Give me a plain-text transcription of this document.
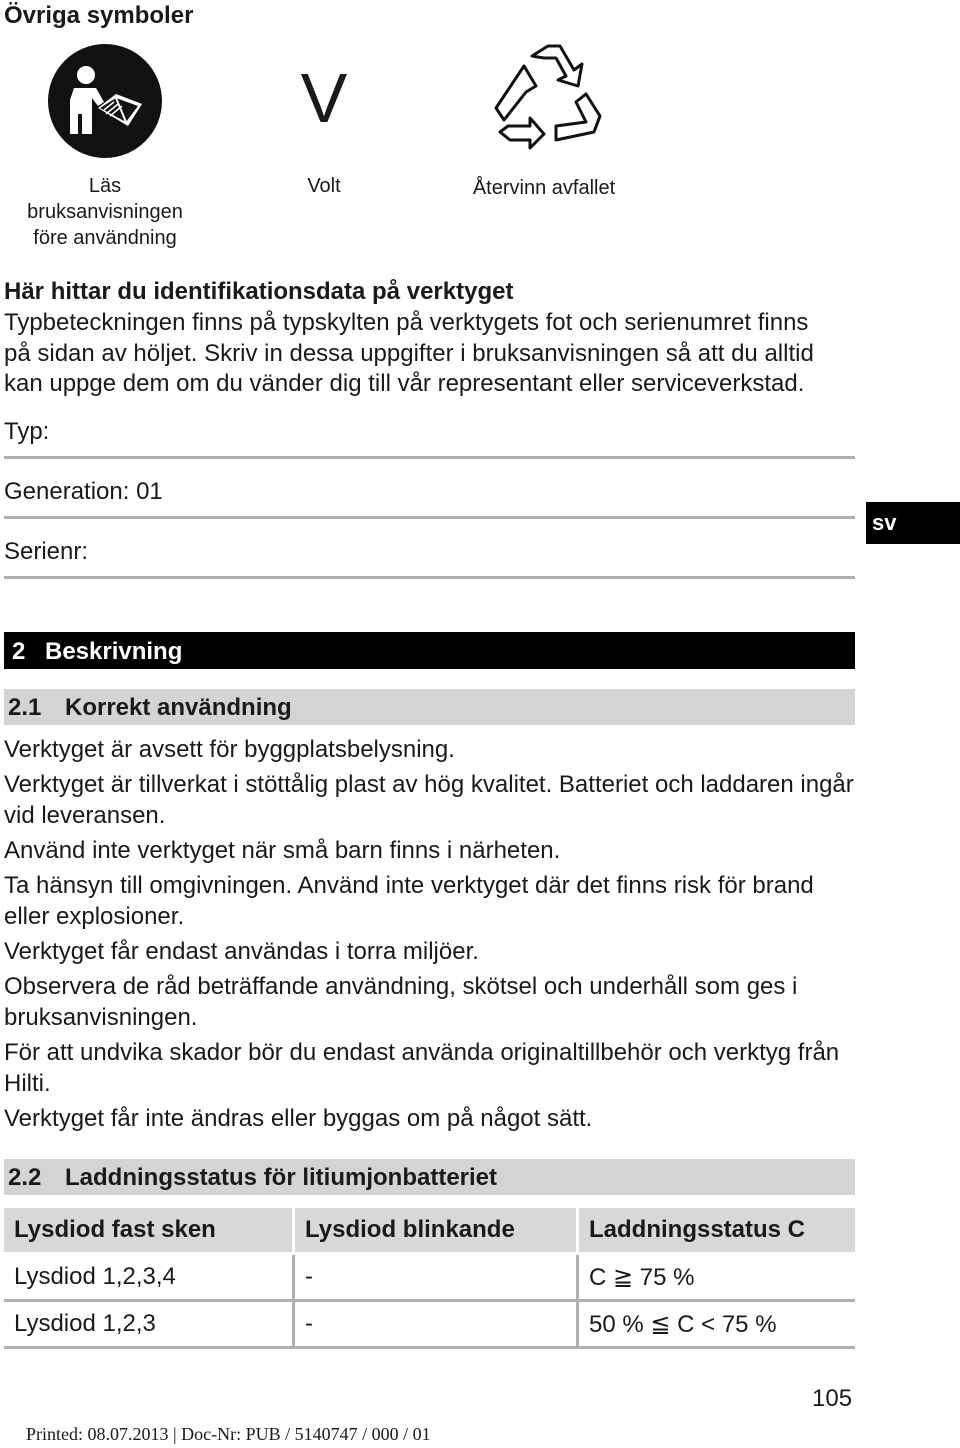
Övriga symboler
V
Läs
bruksanvisningen
före användning
Volt	Återvinn avfallet
Här hittar du identifikationsdata på verktyget
Typbeteckningen finns på typskylten på verktygets fot och serienumret finns
på sidan av höljet. Skriv in dessa uppgifter i bruksanvisningen så att du alltid
kan uppge dem om du vänder dig till vår representant eller serviceverkstad.
Typ:
Generation: 01
Serienr:
sv
2 Beskrivning
2.1 Korrekt användning

Verktyget är avsett för byggplatsbelysning.

Verktyget är tillverkat i stöttålig plast av hög kvalitet. Batteriet och laddaren ingår vid leveransen.

Använd inte verktyget när små barn finns i närheten.

Ta hänsyn till omgivningen. Använd inte verktyget där det finns risk för brand eller explosioner.

Verktyget får endast användas i torra miljöer.

Observera de råd beträffande användning, skötsel och underhåll som ges i bruksanvisningen.

För att undvika skador bör du endast använda originaltillbehör och verktyg från Hilti.

Verktyget får inte ändras eller byggas om på något sätt.

2.2 Laddningsstatus för litiumjonbatteriet
Lysdiod fast sken	Lysdiod blinkande	Laddningsstatus C
Lysdiod 1,2,3,4	-	C ≧ 75 %
Lysdiod 1,2,3	-	50 % ≦ C < 75 %
105
Printed: 08.07.2013 | Doc-Nr: PUB / 5140747 / 000 / 01
